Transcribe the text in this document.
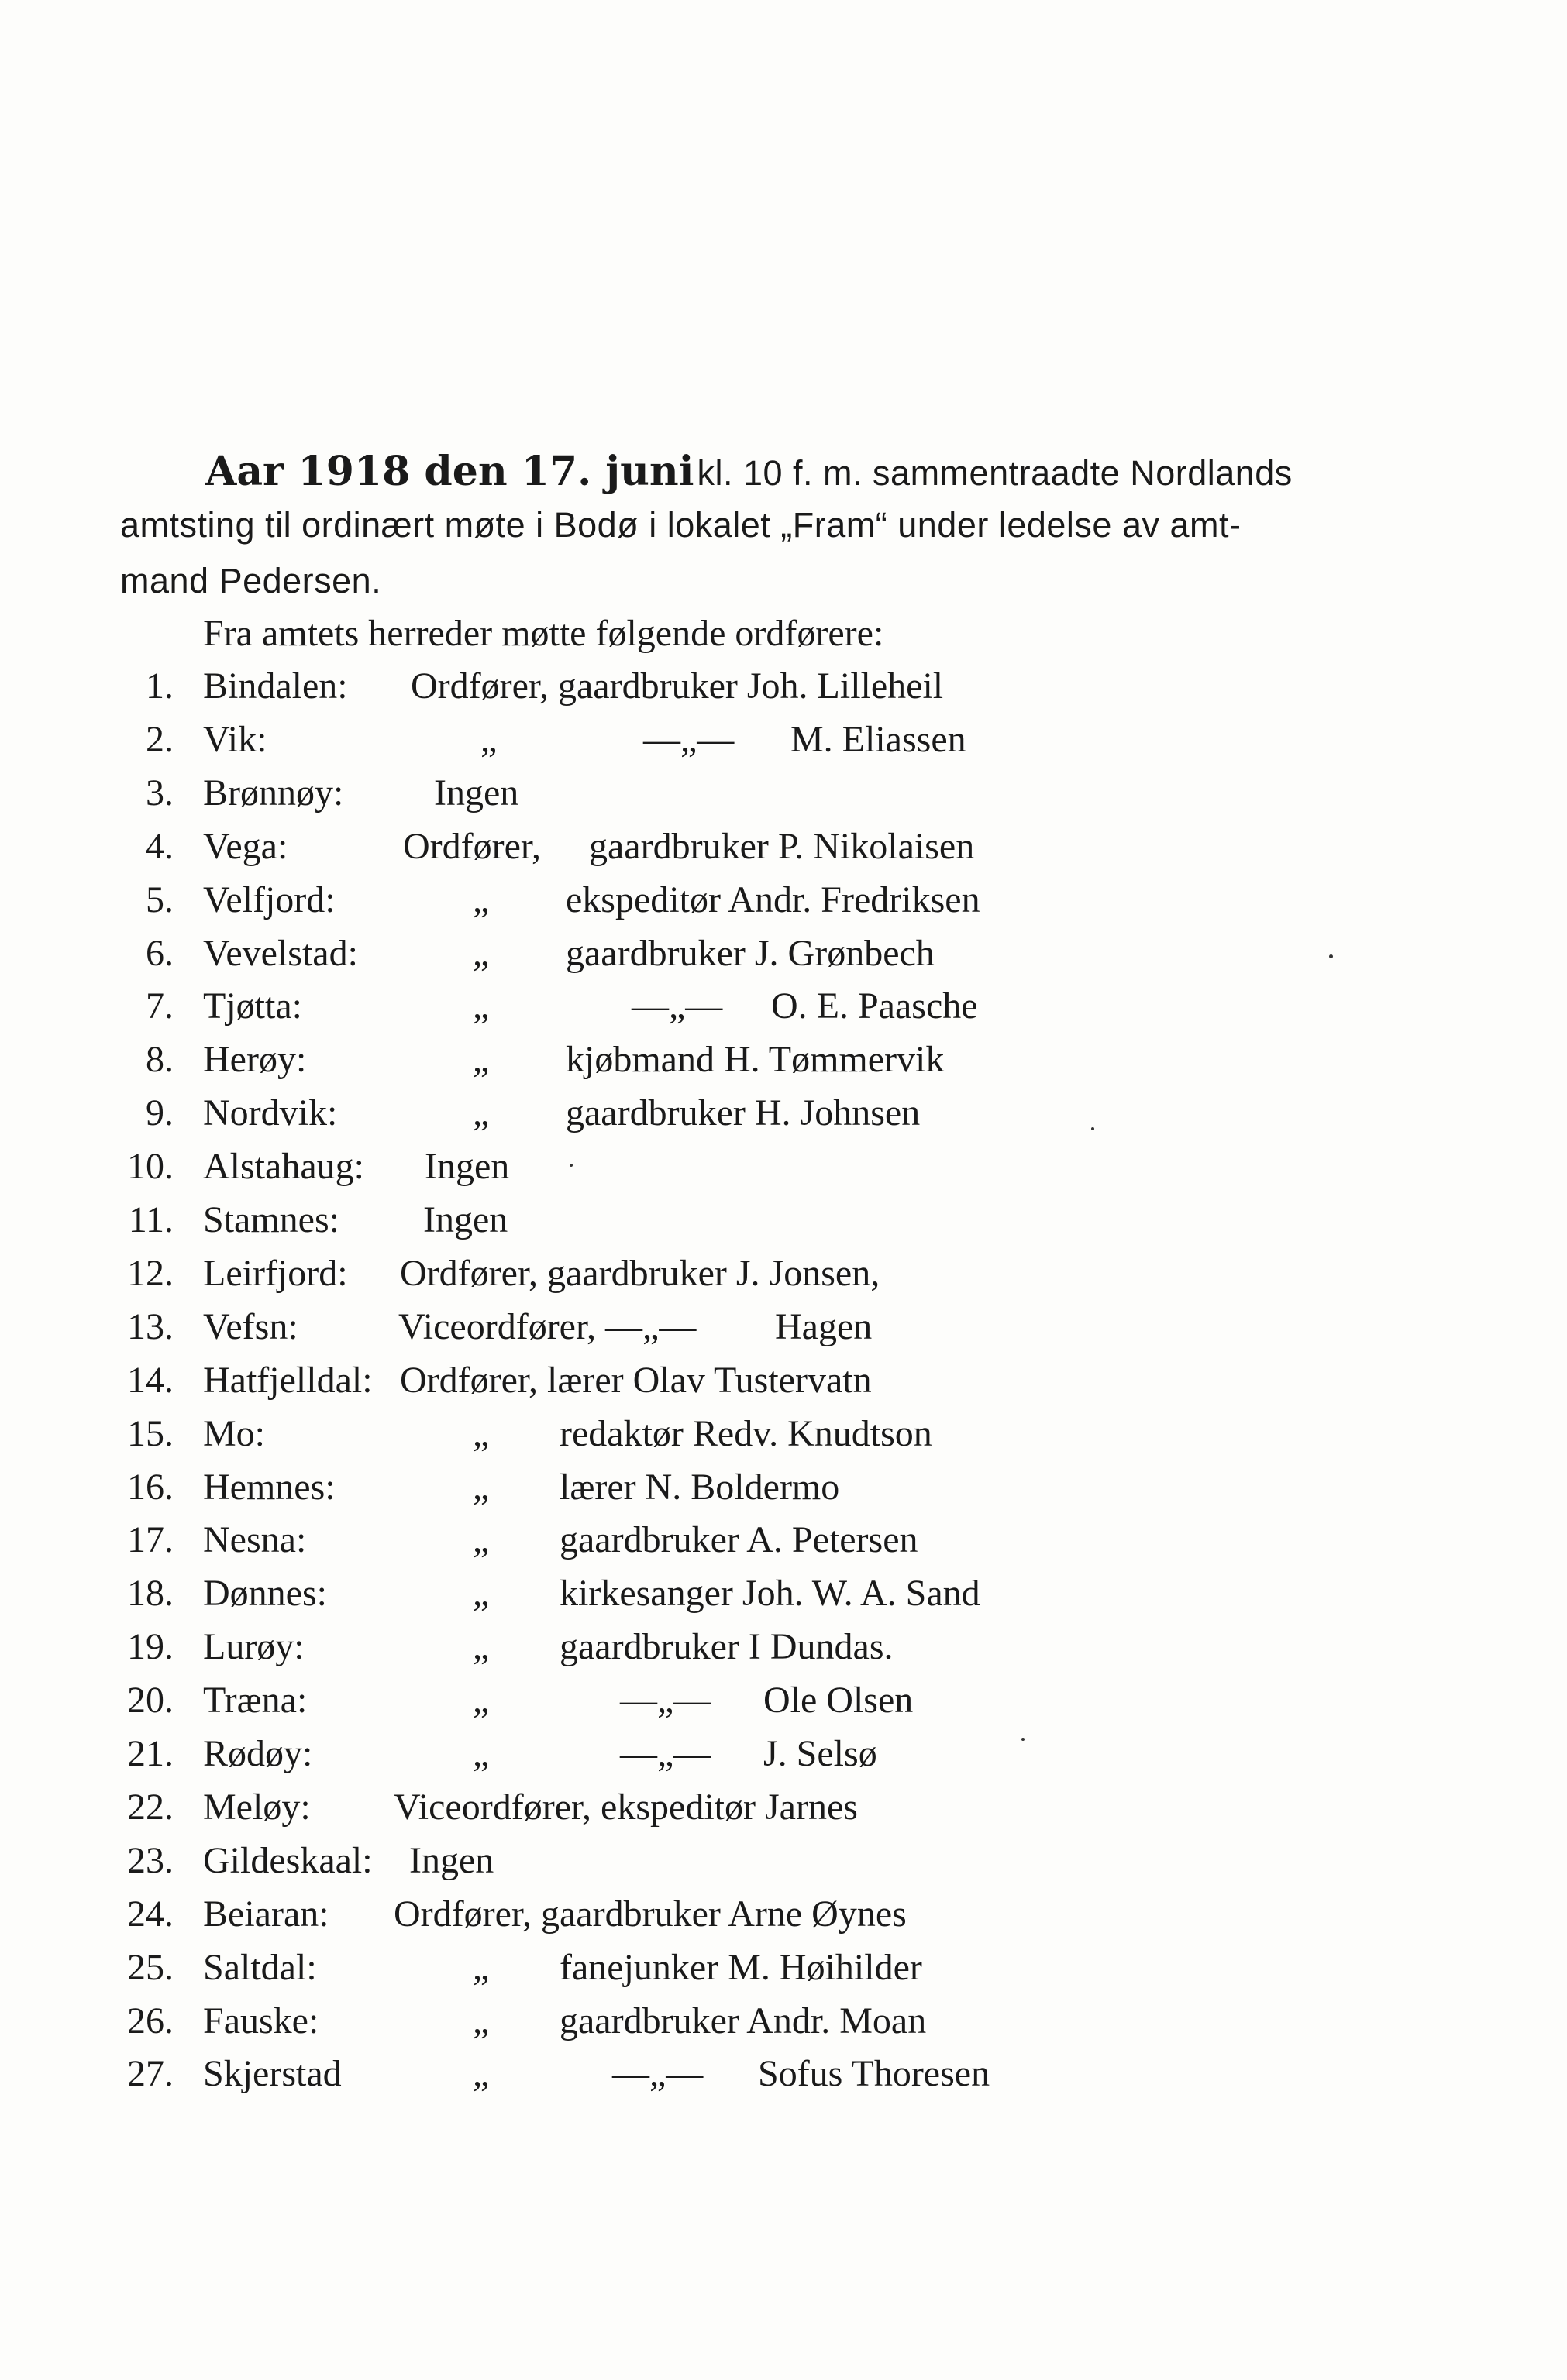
Aar 1918 den 17. juni kl. 10 f. m. sammentraadte Nordlands
amtsting til ordinært møte i Bodø i lokalet „Fram“ under ledelse av amt-
mand Pedersen.
Fra amtets herreder møtte følgende ordførere:
1. Bindalen: Ordfører, gaardbruker Joh. Lilleheil
2. Vik:	„	—„— M. Eliassen
3. Brønnøy: Ingen
4. Vega:	Ordfører, gaardbruker P. Nikolaisen
5. Velfjord:	„ ekspeditør Andr. Fredriksen
6. Vevelstad:	„ gaardbruker J. Grønbech
7. Tjøtta:	„	—„— O. E. Paasche
8. Herøy:	„ kjøbmand H. Tømmervik
9. Nordvik:	„ gaardbruker H. Johnsen
10. Alstahaug: Ingen
11. Stamnes: Ingen
12. Leirfjord: Ordfører, gaardbruker J. Jonsen,
13. Vefsn:	Viceordfører, —„— Hagen
14. Hatfjelldal: Ordfører, lærer Olav Tustervatn
15. Mo:	„ redaktør Redv. Knudtson
16. Hemnes:	„ lærer N. Boldermo
17. Nesna:	„ gaardbruker A. Petersen
18. Dønnes:	„ kirkesanger Joh. W. A. Sand
19. Lurøy:	„ gaardbruker I Dundas.
20. Træna:	„	—„— Ole Olsen
21. Rødøy:	„	—„— J. Selsø
22. Meløy: Viceordfører, ekspeditør Jarnes
23. Gildeskaal: Ingen
24. Beiaran: Ordfører, gaardbruker Arne Øynes
25. Saltdal:	„ fanejunker M. Høihilder
26. Fauske:	„ gaardbruker Andr. Moan
27. Skjerstad	„	—„— Sofus Thoresen
